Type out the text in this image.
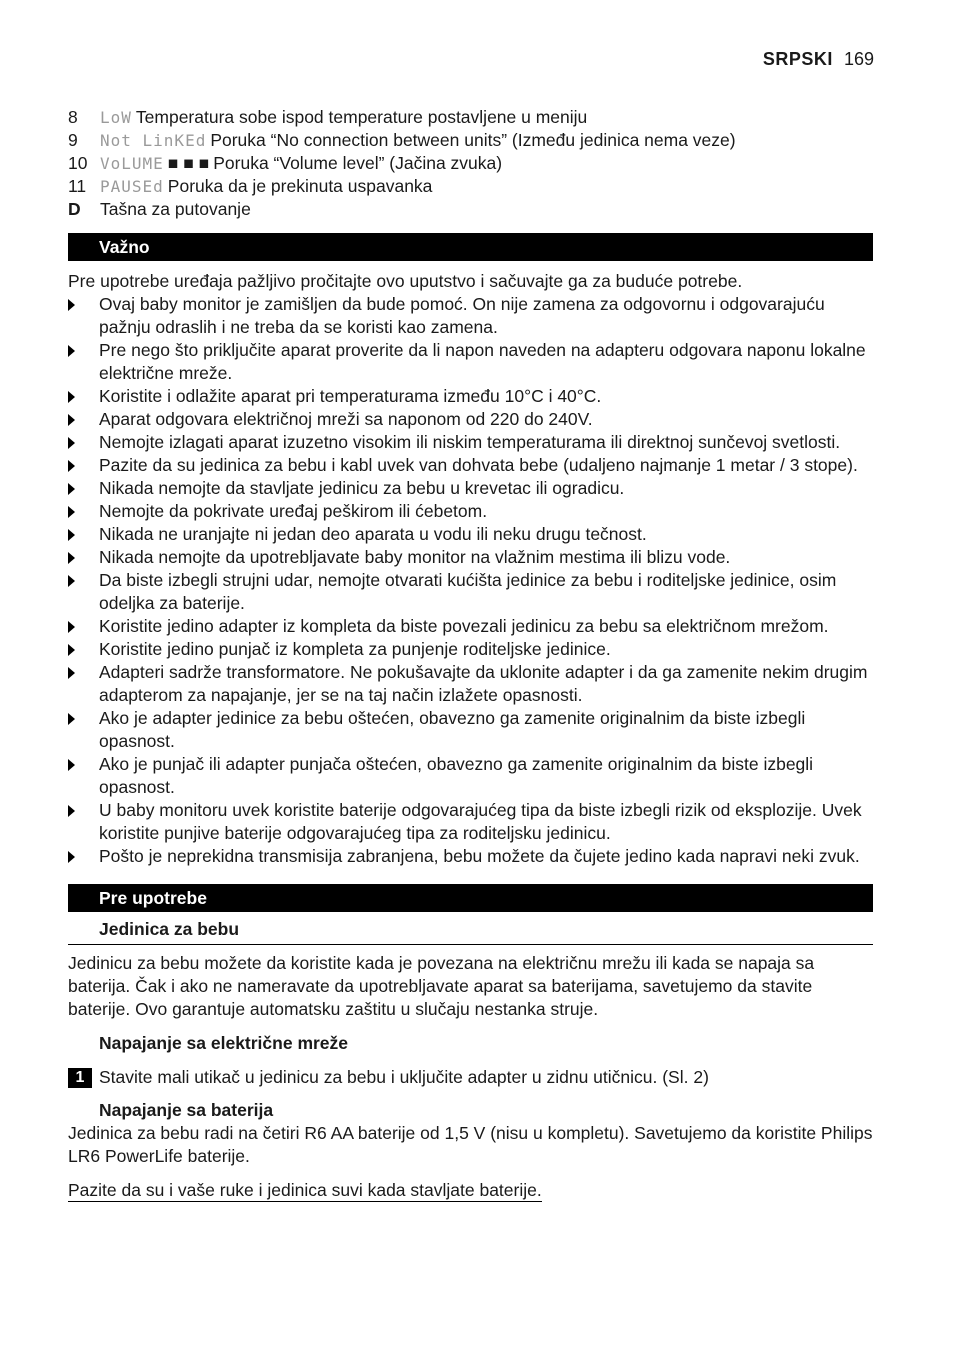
SRPSKI 169
8	LoW Temperatura sobe ispod temperature postavljene u meniju
9	Not LinKEd Poruka “No connection between units” (Između jedinica nema veze)
10 VoLUME ■ ■ ■ Poruka “Volume level” (Jačina zvuka)
11 PAUSEd Poruka da je prekinuta uspavanka
D	Tašna za putovanje
Važno

Pre upotrebe uređaja pažljivo pročitajte ovo uputstvo i sačuvajte ga za buduće potrebe.

Ovaj baby monitor je zamišljen da bude pomoć. On nije zamena za odgovornu i odgovarajuću pažnju odraslih i ne treba da se koristi kao zamena.
Pre nego što priključite aparat proverite da li napon naveden na adapteru odgovara naponu lokalne električne mreže.
Koristite i odlažite aparat pri temperaturama između 10°C i 40°C.
Aparat odgovara električnoj mreži sa naponom od 220 do 240V.
Nemojte izlagati aparat izuzetno visokim ili niskim temperaturama ili direktnoj sunčevoj svetlosti.
Pazite da su jedinica za bebu i kabl uvek van dohvata bebe (udaljeno najmanje 1 metar / 3 stope).
Nikada nemojte da stavljate jedinicu za bebu u krevetac ili ogradicu.
Nemojte da pokrivate uređaj peškirom ili ćebetom.
Nikada ne uranjajte ni jedan deo aparata u vodu ili neku drugu tečnost.
Nikada nemojte da upotrebljavate baby monitor na vlažnim mestima ili blizu vode.
Da biste izbegli strujni udar, nemojte otvarati kućišta jedinice za bebu i roditeljske jedinice, osim odeljka za baterije.
Koristite jedino adapter iz kompleta da biste povezali jedinicu za bebu sa električnom mrežom.
Koristite jedino punjač iz kompleta za punjenje roditeljske jedinice.
Adapteri sadrže transformatore. Ne pokušavajte da uklonite adapter i da ga zamenite nekim drugim adapterom za napajanje, jer se na taj način izlažete opasnosti.
Ako je adapter jedinice za bebu oštećen, obavezno ga zamenite originalnim da biste izbegli opasnost.
Ako je punjač ili adapter punjača oštećen, obavezno ga zamenite originalnim da biste izbegli opasnost.
U baby monitoru uvek koristite baterije odgovarajućeg tipa da biste izbegli rizik od eksplozije. Uvek koristite punjive baterije odgovarajućeg tipa za roditeljsku jedinicu.
Pošto je neprekidna transmisija zabranjena, bebu možete da čujete jedino kada napravi neki zvuk.
Pre upotrebe
Jedinica za bebu

Jedinicu za bebu možete da koristite kada je povezana na električnu mrežu ili kada se napaja sa baterija. Čak i ako ne nameravate da upotrebljavate aparat sa baterijama, savetujemo da stavite baterije. Ovo garantuje automatsku zaštitu u slučaju nestanka struje.

Napajanje sa električne mreže
1 Stavite mali utikač u jedinicu za bebu i uključite adapter u zidnu utičnicu. (Sl. 2)
Napajanje sa baterija

Jedinica za bebu radi na četiri R6 AA baterije od 1,5 V (nisu u kompletu). Savetujemo da koristite Philips LR6 PowerLife baterije.

Pazite da su i vaše ruke i jedinica suvi kada stavljate baterije.
